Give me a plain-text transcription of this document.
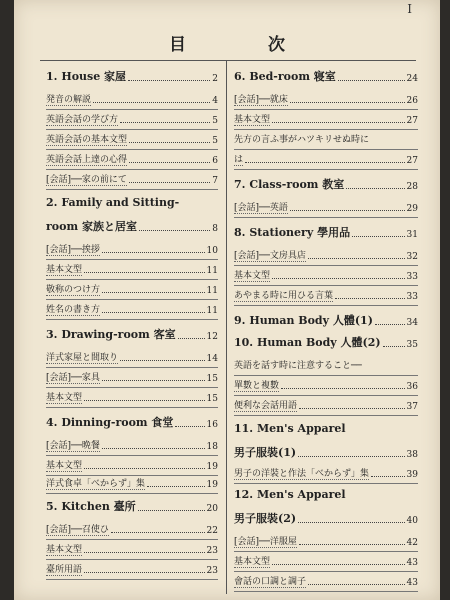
I
目 次
1. House 家屋	2
発音の解説	4
英語会話の学び方	5
英語会話の基本文型	5
英語会話上達の心得	6
[会話]──家の前にて	7
2. Family and Sitting-
room 家族と居室	8
[会話]──挨拶	10
基本文型	11
敬称のつけ方	11
姓名の書き方	11
3. Drawing-room 客室	12
洋式家屋と間取り	14
[会話]──家具	15
基本文型	15
4. Dinning-room 食堂	16
[会話]──晩餐	18
基本文型	19
洋式食卓「べからず」集	19
5. Kitchen 臺所	20
[会話]──召使ひ	22
基本文型	23
臺所用語	23
6. Bed-room 寝室	24
[会話]──就床	26
基本文型	27
先方の言ふ事がハツキリせぬ時に
は	27
7. Class-room 教室	28
[会話]──英語	29
8. Stationery 學用品	31
[会話]──文房具店	32
基本文型	33
あやまる時に用ひる言葉	33
9. Human Body 人體(1)	34
10. Human Body 人體(2)	35
英語を話す時に注意すること──
單數と複數	36
便利な会話用語	37
11. Men's Apparel
男子服裝(1)	38
男子の洋裝と作法「べからず」集	39
12. Men's Apparel
男子服裝(2)	40
[会話]──洋服屋	42
基本文型	43
會話の口調と調子	43
